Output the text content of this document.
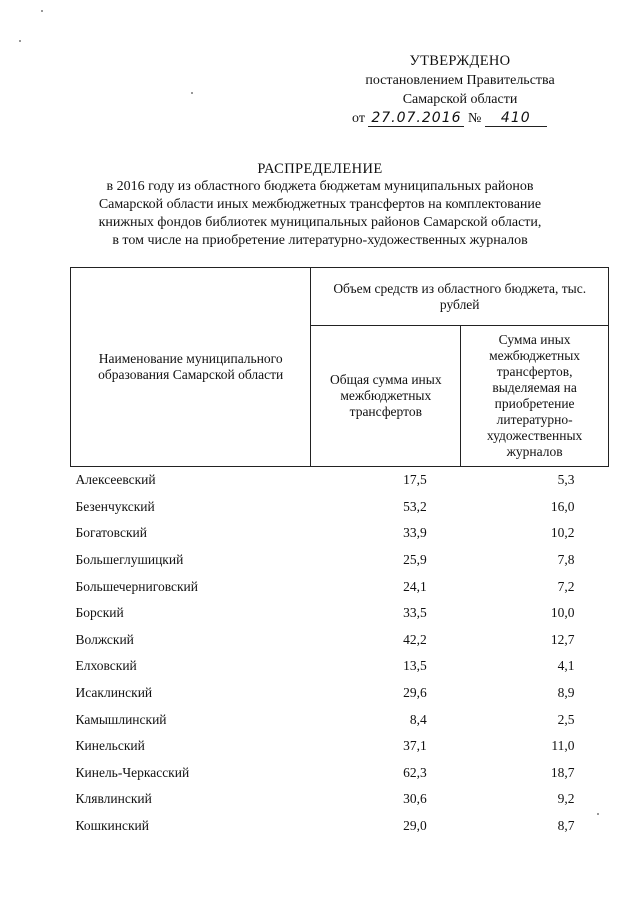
УТВЕРЖДЕНО
постановлением Правительства
Самарской области
от 27.07.2016 № 410
РАСПРЕДЕЛЕНИЕ
в 2016 году из областного бюджета бюджетам муниципальных районов
Самарской области иных межбюджетных трансфертов на комплектование
книжных фондов библиотек муниципальных районов Самарской области,
в том числе на приобретение литературно-художественных журналов
Наименование муниципального образования Самарской области	Объем средств из областного бюджета, тыс. рублей	
	Общая сумма иных межбюджетных трансфертов	Сумма иных межбюджетных трансфертов, выделяемая на приобретение литературно-художественных журналов
Алексеевский	17,5	5,3
Безенчукский	53,2	16,0
Богатовский	33,9	10,2
Большеглушицкий	25,9	7,8
Большечерниговский	24,1	7,2
Борский	33,5	10,0
Волжский	42,2	12,7
Елховский	13,5	4,1
Исаклинский	29,6	8,9
Камышлинский	8,4	2,5
Кинельский	37,1	11,0
Кинель-Черкасский	62,3	18,7
Клявлинский	30,6	9,2
Кошкинский	29,0	8,7
